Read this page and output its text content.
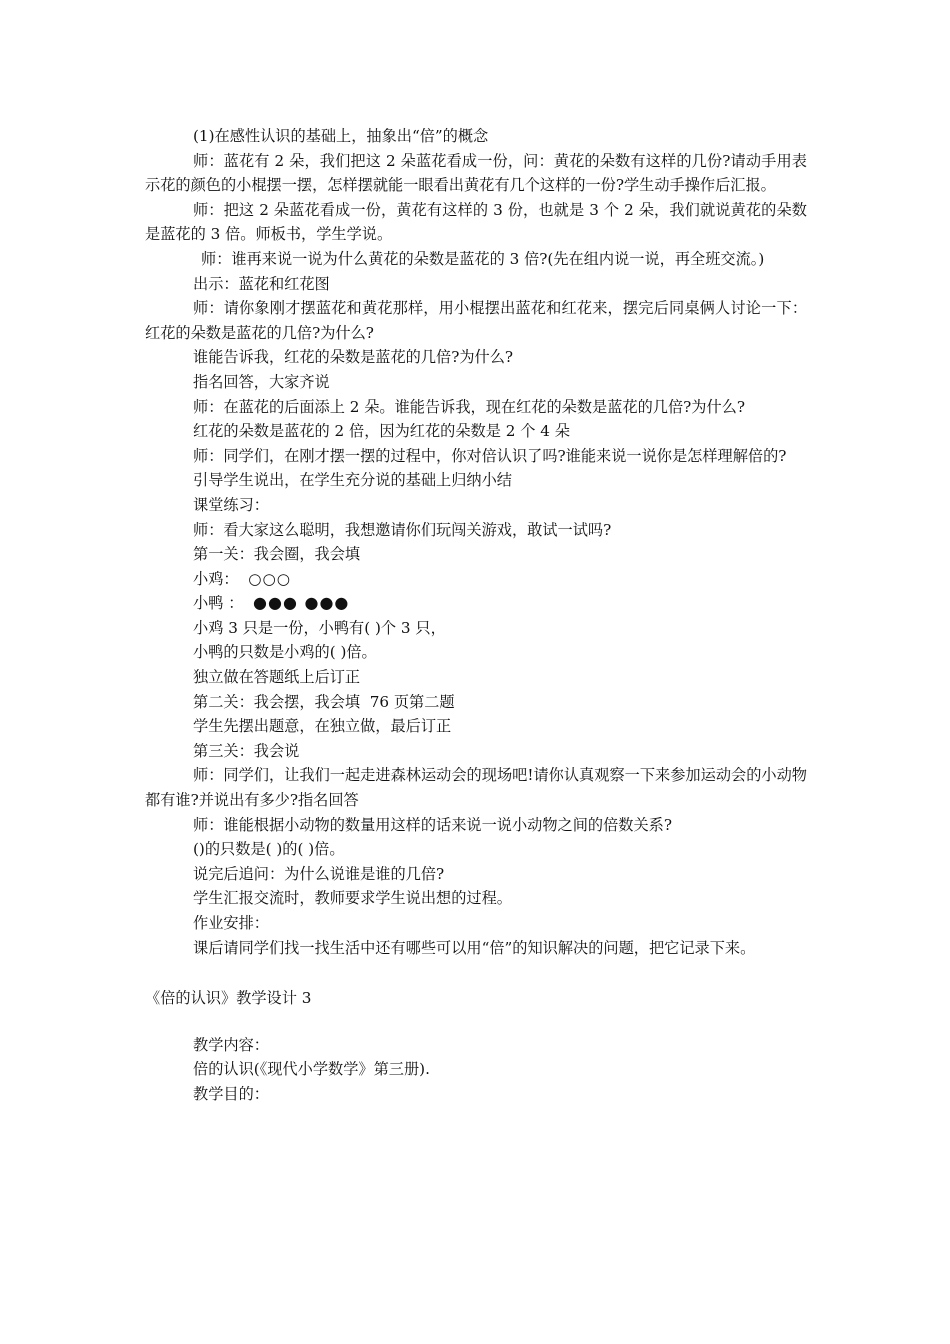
(1)在感性认识的基础上，抽象出“倍”的概念

师：蓝花有 2 朵，我们把这 2 朵蓝花看成一份，问：黄花的朵数有这样的几份?请动手用表示花的颜色的小棍摆一摆，怎样摆就能一眼看出黄花有几个这样的一份?学生动手操作后汇报。

师：把这 2 朵蓝花看成一份，黄花有这样的 3 份，也就是 3 个 2 朵，我们就说黄花的朵数是蓝花的 3 倍。师板书，学生学说。

师：谁再来说一说为什么黄花的朵数是蓝花的 3 倍?(先在组内说一说，再全班交流。)

出示：蓝花和红花图

师：请你象刚才摆蓝花和黄花那样，用小棍摆出蓝花和红花来，摆完后同桌俩人讨论一下：红花的朵数是蓝花的几倍?为什么?

谁能告诉我，红花的朵数是蓝花的几倍?为什么?

指名回答，大家齐说

师：在蓝花的后面添上 2 朵。谁能告诉我，现在红花的朵数是蓝花的几倍?为什么?

红花的朵数是蓝花的 2 倍，因为红花的朵数是 2 个 4 朵

师：同学们，在刚才摆一摆的过程中，你对倍认识了吗?谁能来说一说你是怎样理解倍的?

引导学生说出，在学生充分说的基础上归纳小结

课堂练习：

师：看大家这么聪明，我想邀请你们玩闯关游戏，敢试一试吗?

第一关：我会圈，我会填

小鸡： ○○○

小鸭 ： ●●● ●●●

小鸡 3 只是一份，小鸭有( )个 3 只，

小鸭的只数是小鸡的( )倍。

独立做在答题纸上后订正

第二关：我会摆，我会填  76 页第二题

学生先摆出题意，在独立做，最后订正

第三关：我会说

师：同学们，让我们一起走进森林运动会的现场吧!请你认真观察一下来参加运动会的小动物都有谁?并说出有多少?指名回答

师：谁能根据小动物的数量用这样的话来说一说小动物之间的倍数关系?

()的只数是( )的( )倍。

说完后追问：为什么说谁是谁的几倍?

学生汇报交流时，教师要求学生说出想的过程。

作业安排：

课后请同学们找一找生活中还有哪些可以用“倍”的知识解决的问题，把它记录下来。

《倍的认识》教学设计 3

教学内容：

倍的认识(《现代小学数学》第三册).

教学目的：
